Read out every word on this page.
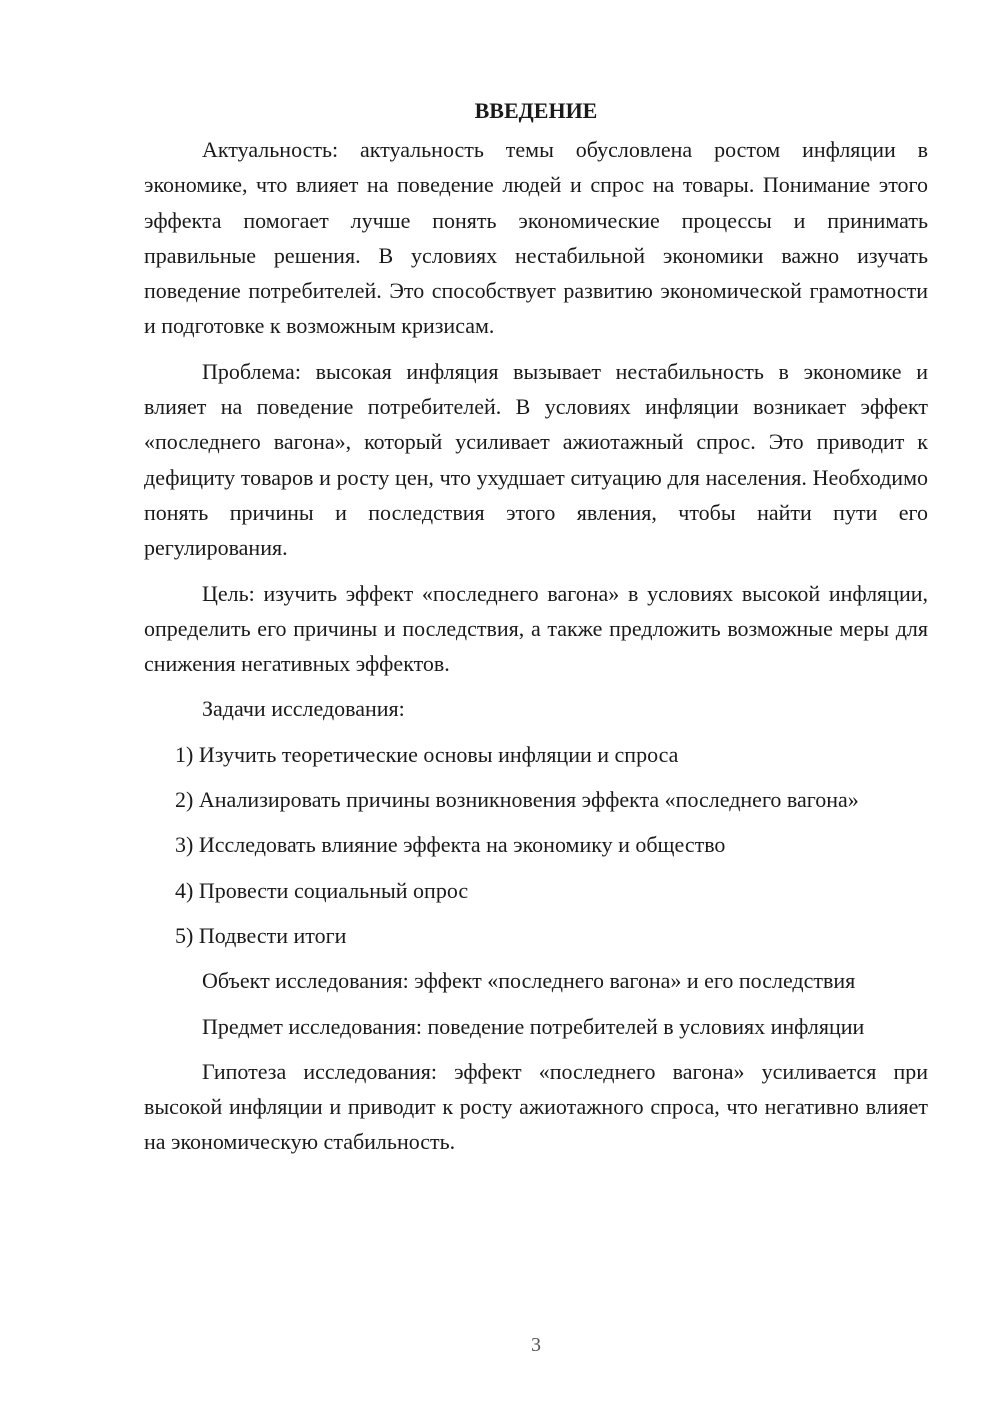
ВВЕДЕНИЕ

Актуальность: актуальность темы обусловлена ростом инфляции в экономике, что влияет на поведение людей и спрос на товары. Понимание этого эффекта помогает лучше понять экономические процессы и принимать правильные решения. В условиях нестабильной экономики важно изучать поведение потребителей. Это способствует развитию экономической грамотности и подготовке к возможным кризисам.

Проблема: высокая инфляция вызывает нестабильность в экономике и влияет на поведение потребителей. В условиях инфляции возникает эффект «последнего вагона», который усиливает ажиотажный спрос. Это приводит к дефициту товаров и росту цен, что ухудшает ситуацию для населения. Необходимо понять причины и последствия этого явления, чтобы найти пути его регулирования.

Цель: изучить эффект «последнего вагона» в условиях высокой инфляции, определить его причины и последствия, а также предложить возможные меры для снижения негативных эффектов.

Задачи исследования:

1) Изучить теоретические основы инфляции и спроса

2) Анализировать причины возникновения эффекта «последнего вагона»

3) Исследовать влияние эффекта на экономику и общество

4) Провести социальный опрос

5) Подвести итоги

Объект исследования: эффект «последнего вагона» и его последствия

Предмет исследования: поведение потребителей в условиях инфляции

Гипотеза исследования: эффект «последнего вагона» усиливается при высокой инфляции и приводит к росту ажиотажного спроса, что негативно влияет на экономическую стабильность.

3
